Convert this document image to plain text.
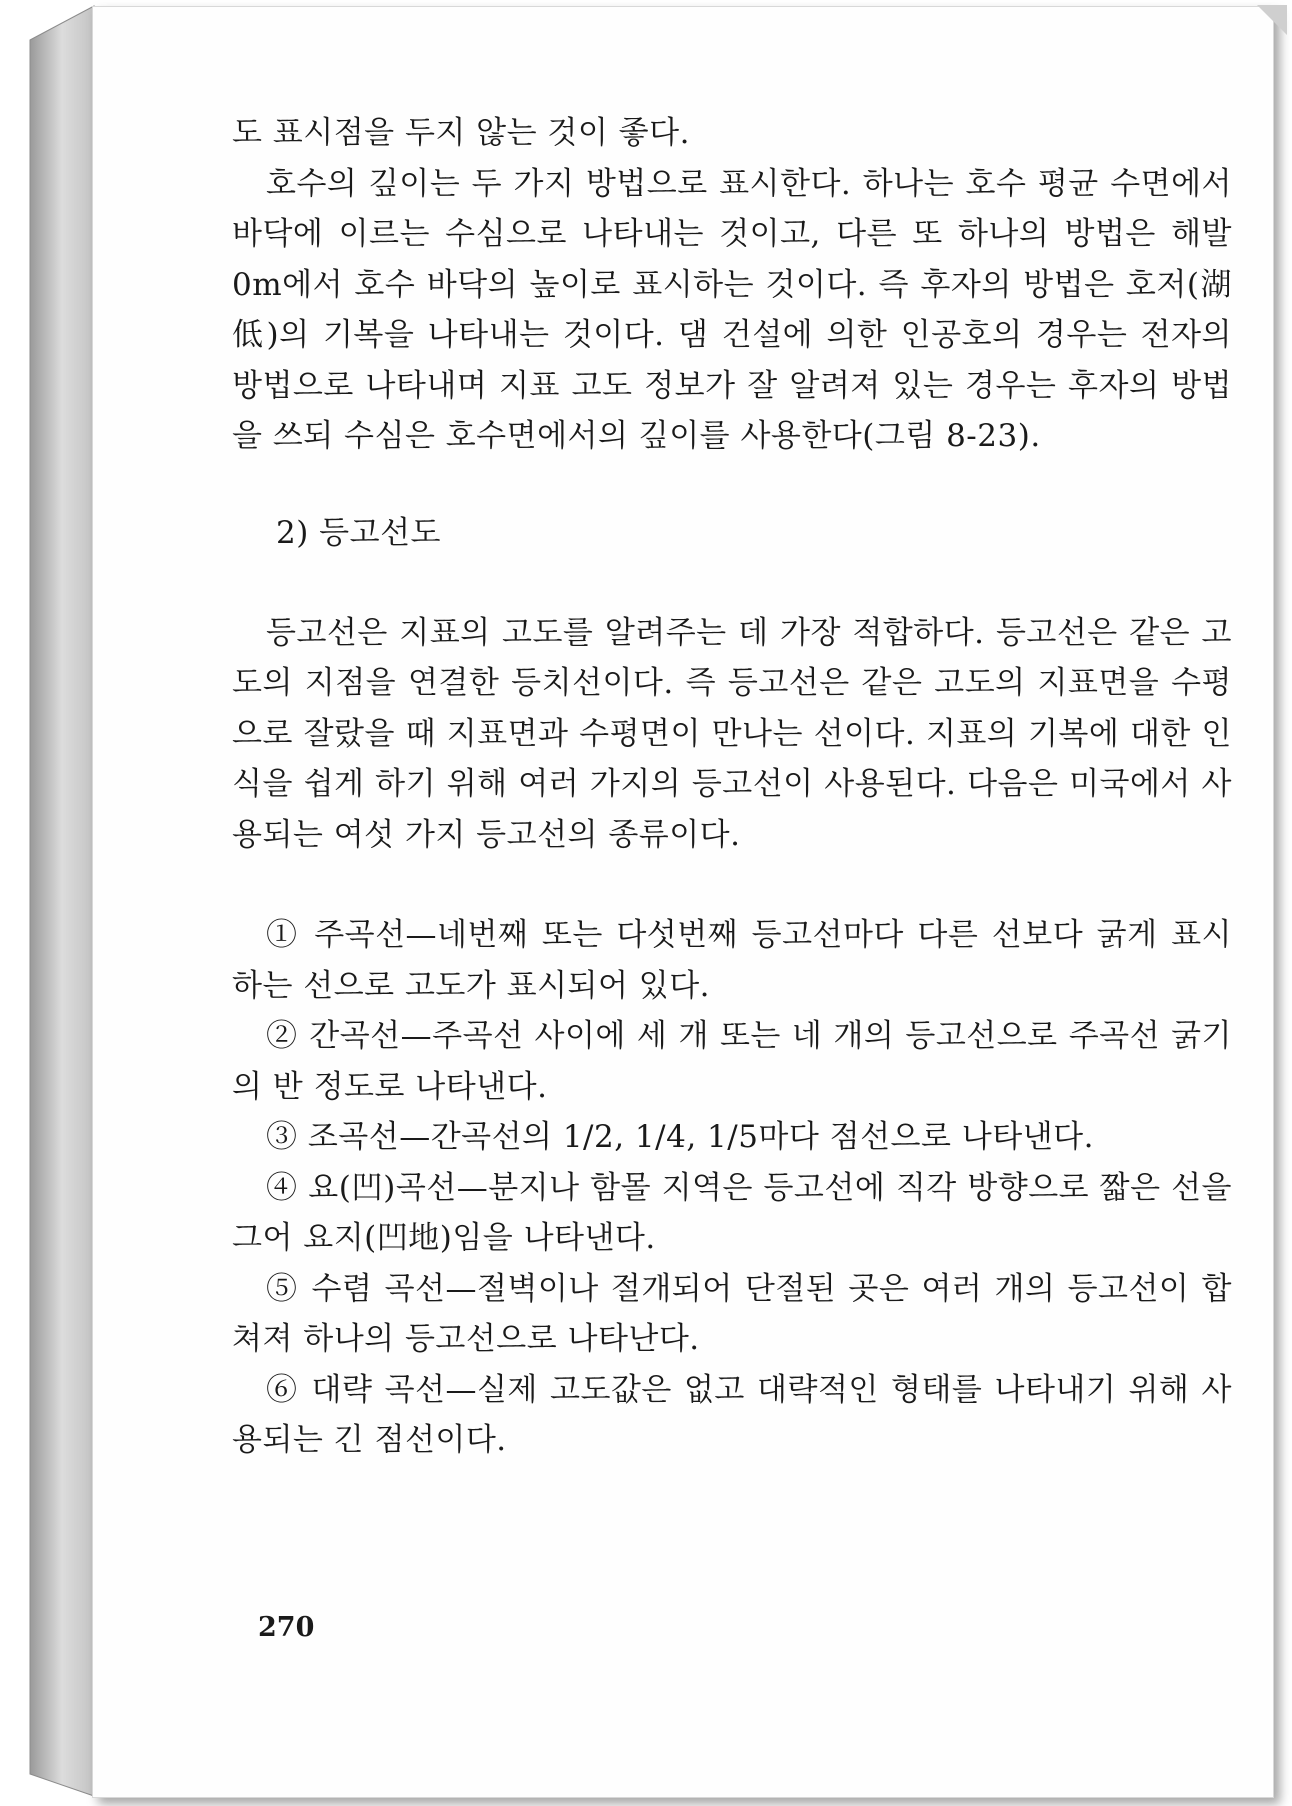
도 표시점을 두지 않는 것이 좋다.

호수의 깊이는 두 가지 방법으로 표시한다. 하나는 호수 평균 수면에서 바닥에 이르는 수심으로 나타내는 것이고, 다른 또 하나의 방법은 해발 0m에서 호수 바닥의 높이로 표시하는 것이다. 즉 후자의 방법은 호저(湖低)의 기복을 나타내는 것이다. 댐 건설에 의한 인공호의 경우는 전자의 방법으로 나타내며 지표 고도 정보가 잘 알려져 있는 경우는 후자의 방법을 쓰되 수심은 호수면에서의 깊이를 사용한다(그림 8-23).

2) 등고선도

등고선은 지표의 고도를 알려주는 데 가장 적합하다. 등고선은 같은 고도의 지점을 연결한 등치선이다. 즉 등고선은 같은 고도의 지표면을 수평으로 잘랐을 때 지표면과 수평면이 만나는 선이다. 지표의 기복에 대한 인식을 쉽게 하기 위해 여러 가지의 등고선이 사용된다. 다음은 미국에서 사용되는 여섯 가지 등고선의 종류이다.

① 주곡선—네번째 또는 다섯번째 등고선마다 다른 선보다 굵게 표시하는 선으로 고도가 표시되어 있다.

② 간곡선—주곡선 사이에 세 개 또는 네 개의 등고선으로 주곡선 굵기의 반 정도로 나타낸다.

③ 조곡선—간곡선의 1/2, 1/4, 1/5마다 점선으로 나타낸다.

④ 요(凹)곡선—분지나 함몰 지역은 등고선에 직각 방향으로 짧은 선을 그어 요지(凹地)임을 나타낸다.

⑤ 수렴 곡선—절벽이나 절개되어 단절된 곳은 여러 개의 등고선이 합쳐져 하나의 등고선으로 나타난다.

⑥ 대략 곡선—실제 고도값은 없고 대략적인 형태를 나타내기 위해 사용되는 긴 점선이다.

270
